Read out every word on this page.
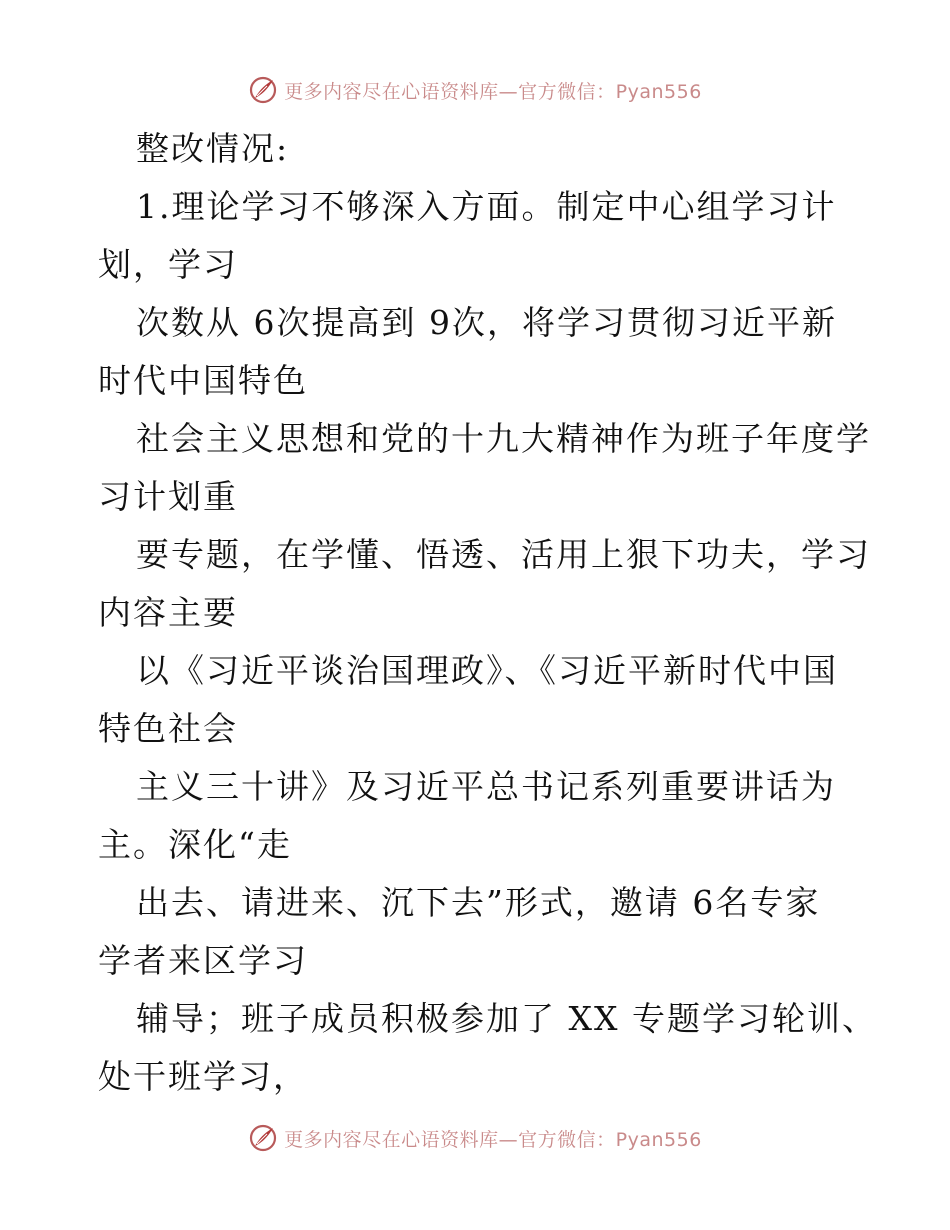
更多内容尽在心语资料库—官方微信：Pyan556
整改情况:
1.理论学习不够深入方面。制定中心组学习计
划，学习
次数从 6次提高到 9次，将学习贯彻习近平新
时代中国特色
社会主义思想和党的十九大精神作为班子年度学
习计划重
要专题，在学懂、悟透、活用上狠下功夫，学习
内容主要
以《习近平谈治国理政》、《习近平新时代中国
特色社会
主义三十讲》及习近平总书记系列重要讲话为
主。深化“走
出去、请进来、沉下去”形式，邀请 6名专家
学者来区学习
辅导；班子成员积极参加了 XX 专题学习轮训、
处干班学习，
更多内容尽在心语资料库—官方微信：Pyan556
